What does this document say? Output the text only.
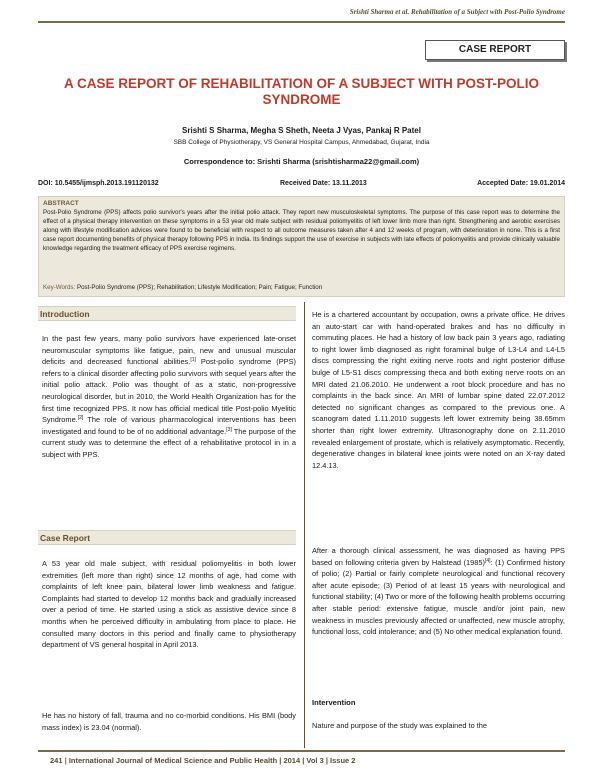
Srishti Sharma et al. Rehabilitation of a Subject with Post-Polio Syndrome
CASE REPORT
A CASE REPORT OF REHABILITATION OF A SUBJECT WITH POST-POLIO SYNDROME
Srishti S Sharma, Megha S Sheth, Neeta J Vyas, Pankaj R Patel
SBB College of Physiotherapy, VS General Hospital Campus, Ahmedabad, Gujarat, India
Correspondence to: Srishti Sharma (srishtisharma22@gmail.com)
DOI: 10.5455/ijmsph.2013.191120132	Received Date: 13.11.2013	Accepted Date: 19.01.2014
ABSTRACT
Post-Polio Syndrome (PPS) affects polio survivor's years after the initial polio attack. They report new musculoskeletal symptoms. The purpose of this case report was to determine the effect of a physical therapy intervention on these symptoms in a 53 year old male subject with residual poliomyelitis of left lower limb more than right. Strengthening and aerobic exercises along with lifestyle modification advices were found to be beneficial with respect to all outcome measures taken after 4 and 12 weeks of program, with deterioration in none. This is a first case report documenting benefits of physical therapy following PPS in India. Its findings support the use of exercise in subjects with late effects of poliomyelitis and provide clinically valuable knowledge regarding the treatment efficacy of PPS exercise regimens.
Key-Words: Post-Polio Syndrome (PPS); Rehabilitation; Lifestyle Modification; Pain; Fatigue; Function
Introduction
In the past few years, many polio survivors have experienced late-onset neuromuscular symptoms like fatigue, pain, new and unusual muscular deficits and decreased functional abilities.[1] Post-polio syndrome (PPS) refers to a clinical disorder affecting polio survivors with sequel years after the initial polio attack. Polio was thought of as a static, non-progressive neurological disorder, but in 2010, the World Health Organization has for the first time recognized PPS. It now has official medical title Post-polio Myelitic Syndrome.[2] The role of various pharmacological interventions has been investigated and found to be of no additional advantage.[3] The purpose of the current study was to determine the effect of a rehabilitative protocol in in a subject with PPS.
Case Report
A 53 year old male subject, with residual poliomyelitis in both lower extremities (left more than right) since 12 months of age, had come with complaints of left knee pain, bilateral lower limb weakness and fatigue. Complaints had started to develop 12 months back and gradually increased over a period of time. He started using a stick as assistive device since 8 months when he perceived difficulty in ambulating from place to place. He consulted many doctors in this period and finally came to physiotherapy department of VS general hospital in April 2013.
He has no history of fall, trauma and no co-morbid conditions. His BMI (body mass index) is 23.04 (normal).
He is a chartered accountant by occupation, owns a private office. He drives an auto-start car with hand-operated brakes and has no difficulty in commuting places. He had a history of low back pain 3 years ago, radiating to right lower limb diagnosed as right foraminal bulge of L3-L4 and L4-L5 discs compressing the right exiting nerve roots and right posterior diffuse bulge of L5-S1 discs compressing theca and both exiting nerve roots on an MRI dated 21.06.2010. He underwent a root block procedure and has no complaints in the back since. An MRI of lumbar spine dated 22.07.2012 detected no significant changes as compared to the previous one. A scanogram dated 1.11.2010 suggests left lower extremity being 38.65mm shorter than right lower extremity. Ultrasonography done on 2.11.2010 revealed enlargement of prostate, which is relatively asymptomatic. Recently, degenerative changes in bilateral knee joints were noted on an X-ray dated 12.4.13.
After a thorough clinical assessment, he was diagnosed as having PPS based on following criteria given by Halstead (1985)[4]: (1) Confirmed history of polio; (2) Partial or fairly complete neurological and functional recovery after acute episode; (3) Period of at least 15 years with neurological and functional stability; (4) Two or more of the following health problems occurring after stable period: extensive fatigue, muscle and/or joint pain, new weakness in muscles previously affected or unaffected, new muscle atrophy, functional loss, cold intolerance; and (5) No other medical explanation found.
Intervention
Nature and purpose of the study was explained to the
241 | International Journal of Medical Science and Public Health | 2014 | Vol 3 | Issue 2
